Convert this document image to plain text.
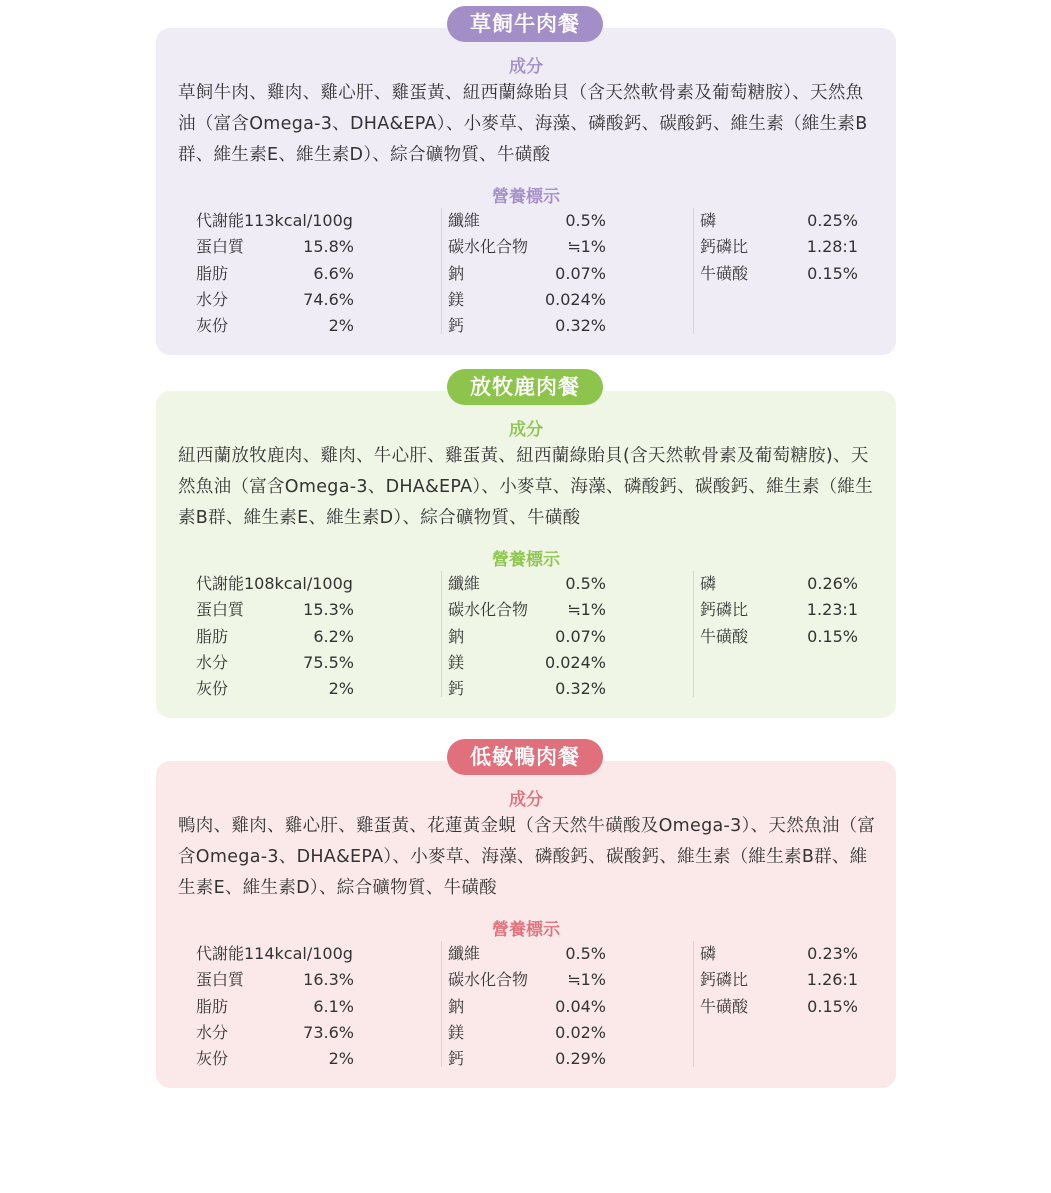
成分
草飼牛肉、雞肉、雞心肝、雞蛋黃、紐西蘭綠貽貝（含天然軟骨素及葡萄糖胺）、天然魚油（富含Omega-3、DHA&EPA）、小麥草、海藻、磷酸鈣、碳酸鈣、維生素（維生素B群、維生素E、維生素D）、綜合礦物質、牛磺酸
營養標示
代謝能113kcal/100g
蛋白質	15.8%
脂肪	6.6%
水分	74.6%
灰份	2%
纖維	0.5%
碳水化合物 ≒1%
鈉	0.07%
鎂	0.024%
鈣	0.32%
磷	0.25%
鈣磷比	1.28:1
牛磺酸	0.15%
草飼牛肉餐
成分
紐西蘭放牧鹿肉、雞肉、牛心肝、雞蛋黃、紐西蘭綠貽貝(含天然軟骨素及葡萄糖胺)、天然魚油（富含Omega-3、DHA&EPA）、小麥草、海藻、磷酸鈣、碳酸鈣、維生素（維生素B群、維生素E、維生素D）、綜合礦物質、牛磺酸
營養標示
代謝能108kcal/100g
蛋白質	15.3%
脂肪	6.2%
水分	75.5%
灰份	2%
纖維	0.5%
碳水化合物 ≒1%
鈉	0.07%
鎂	0.024%
鈣	0.32%
磷	0.26%
鈣磷比	1.23:1
牛磺酸	0.15%
放牧鹿肉餐
成分
鴨肉、雞肉、雞心肝、雞蛋黃、花蓮黃金蜆（含天然牛磺酸及Omega-3）、天然魚油（富含Omega-3、DHA&EPA）、小麥草、海藻、磷酸鈣、碳酸鈣、維生素（維生素B群、維生素E、維生素D）、綜合礦物質、牛磺酸
營養標示
代謝能114kcal/100g
蛋白質	16.3%
脂肪	6.1%
水分	73.6%
灰份	2%
纖維	0.5%
碳水化合物 ≒1%
鈉	0.04%
鎂	0.02%
鈣	0.29%
磷	0.23%
鈣磷比	1.26:1
牛磺酸	0.15%
低敏鴨肉餐
